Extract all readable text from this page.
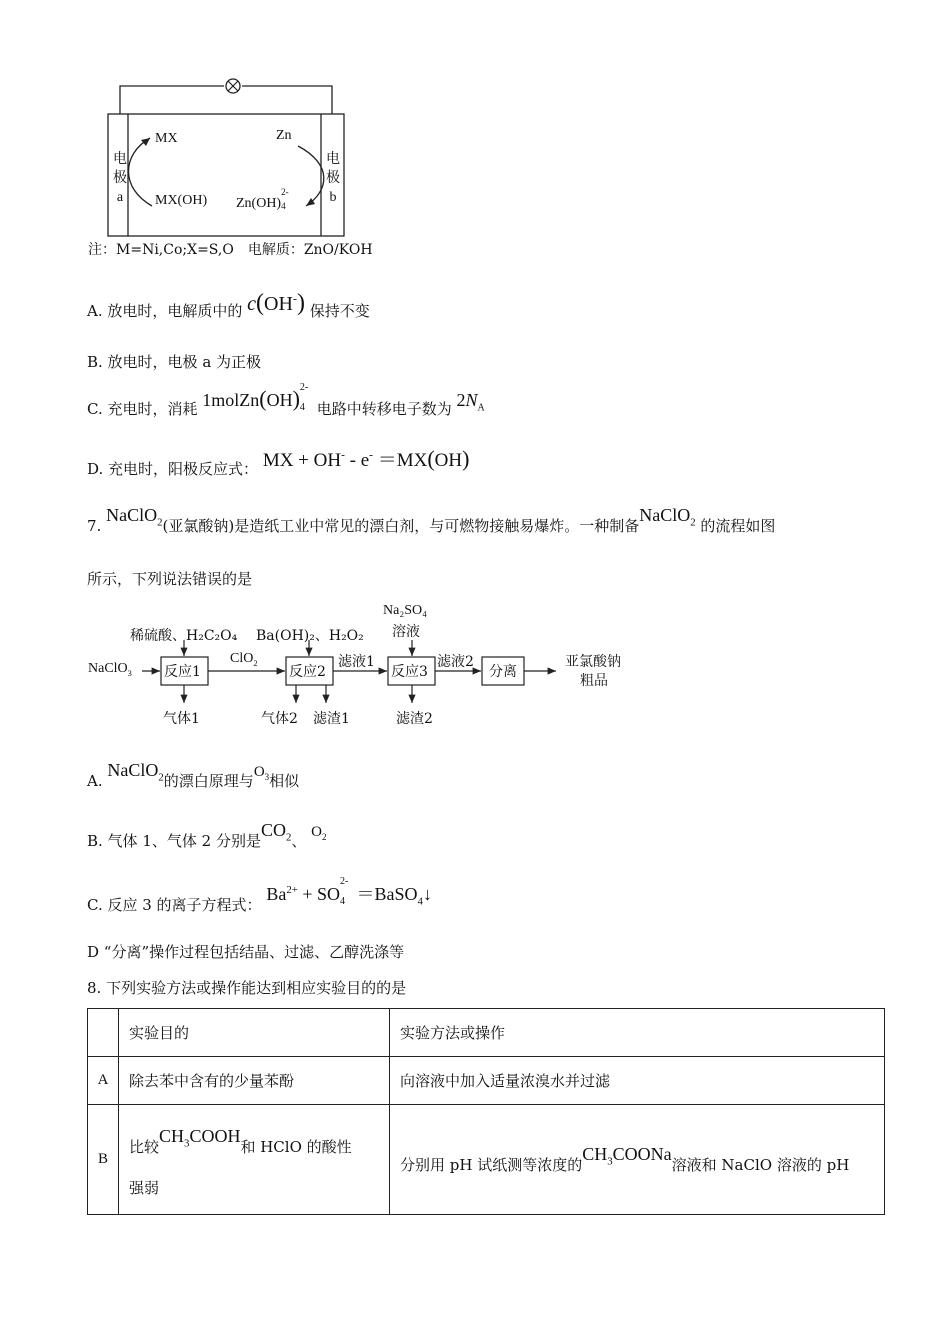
电
极
a
电
极
b
MX
MX(OH)
Zn
Zn(OH)
2-
4
注：M=Ni,Co;X=S,O　电解质：ZnO/KOH
A. 放电时，电解质中的 c(OH-) 保持不变
B. 放电时，电极 a 为正极
C. 充电时，消耗 1molZn(OH) 2-
4 电路中转移电子数为 $2N_A$
D. 充电时，阳极反应式： MX + OH- - e- ＝MX(OH)
7. NaClO$_2$(亚氯酸钠)是造纸工业中常见的漂白剂，与可燃物接触易爆炸。一种制备NaClO$_2$ 的流程如图
所示，下列说法错误的是
NaClO$_3$
稀硫酸、H₂C₂O₄ Ba(OH)₂、H₂O₂
Na₂SO₄
溶液
反应1	反应2	反应3	分离
ClO$_2$	滤液1	滤液2
气体1	气体2 滤渣1	滤渣2
亚氯酸钠
粗品
A. NaClO$_2$的漂白原理与$O_3$相似
B. 气体 1、气体 2 分别是$CO_2$、 $O_2$
C. 反应 3 的离子方程式： $Ba^{2+}$ + SO
2-
4 ＝BaSO$_4$↓
D “分离”操作过程包括结晶、过滤、乙醇洗涤等
8. 下列实验方法或操作能达到相应实验目的的是
	实验目的	实验方法或操作
A	除去苯中含有的少量苯酚	向溶液中加入适量浓溴水并过滤
B	比较$CH_3COOH$和 HClO 的酸性
强弱	分别用 pH 试纸测等浓度的$CH_3COONa$溶液和 NaClO 溶液的 pH
